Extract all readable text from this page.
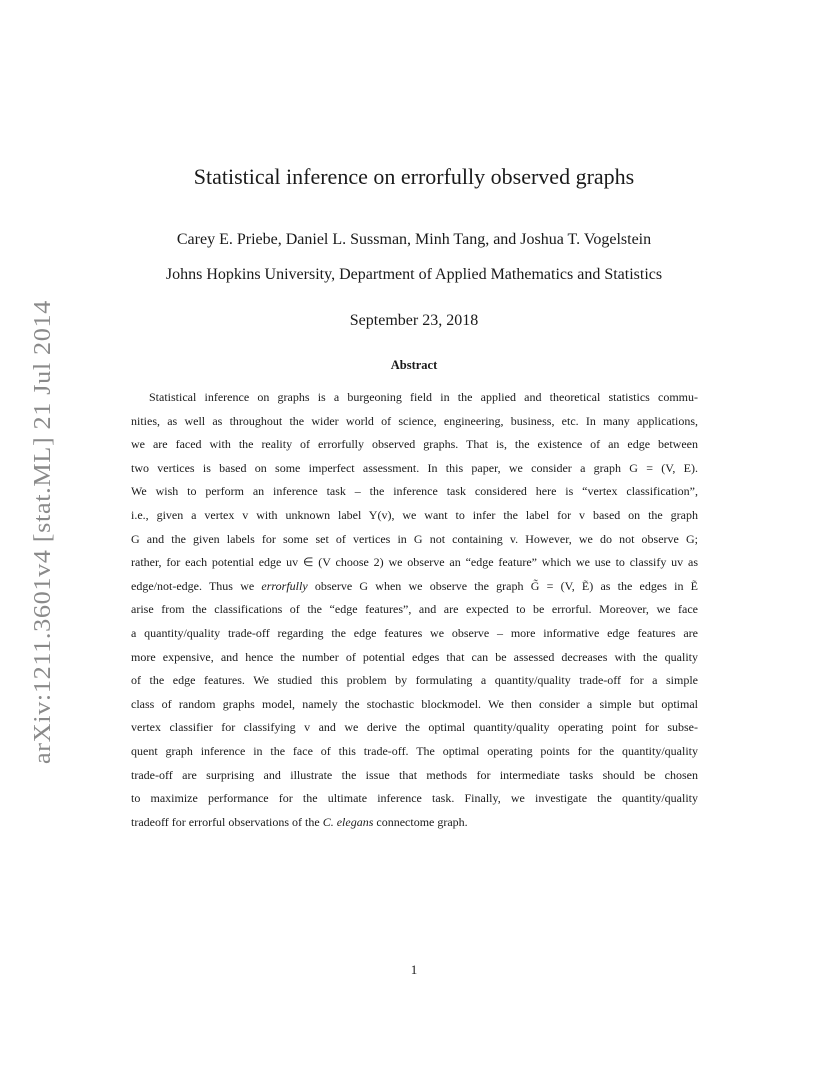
arXiv:1211.3601v4 [stat.ML] 21 Jul 2014
Statistical inference on errorfully observed graphs
Carey E. Priebe, Daniel L. Sussman, Minh Tang, and Joshua T. Vogelstein
Johns Hopkins University, Department of Applied Mathematics and Statistics
September 23, 2018
Abstract
Statistical inference on graphs is a burgeoning field in the applied and theoretical statistics commu-
nities, as well as throughout the wider world of science, engineering, business, etc. In many applications,
we are faced with the reality of errorfully observed graphs. That is, the existence of an edge between
two vertices is based on some imperfect assessment. In this paper, we consider a graph G = (V, E).
We wish to perform an inference task – the inference task considered here is “vertex classification”,
i.e., given a vertex v with unknown label Y(v), we want to infer the label for v based on the graph
G and the given labels for some set of vertices in G not containing v. However, we do not observe G;
rather, for each potential edge uv ∈ (V choose 2) we observe an “edge feature” which we use to classify uv as
edge/not-edge. Thus we errorfully observe G when we observe the graph G̃ = (V, Ẽ) as the edges in Ẽ
arise from the classifications of the “edge features”, and are expected to be errorful. Moreover, we face
a quantity/quality trade-off regarding the edge features we observe – more informative edge features are
more expensive, and hence the number of potential edges that can be assessed decreases with the quality
of the edge features. We studied this problem by formulating a quantity/quality trade-off for a simple
class of random graphs model, namely the stochastic blockmodel. We then consider a simple but optimal
vertex classifier for classifying v and we derive the optimal quantity/quality operating point for subse-
quent graph inference in the face of this trade-off. The optimal operating points for the quantity/quality
trade-off are surprising and illustrate the issue that methods for intermediate tasks should be chosen
to maximize performance for the ultimate inference task. Finally, we investigate the quantity/quality
tradeoff for errorful observations of the C. elegans connectome graph.
1
